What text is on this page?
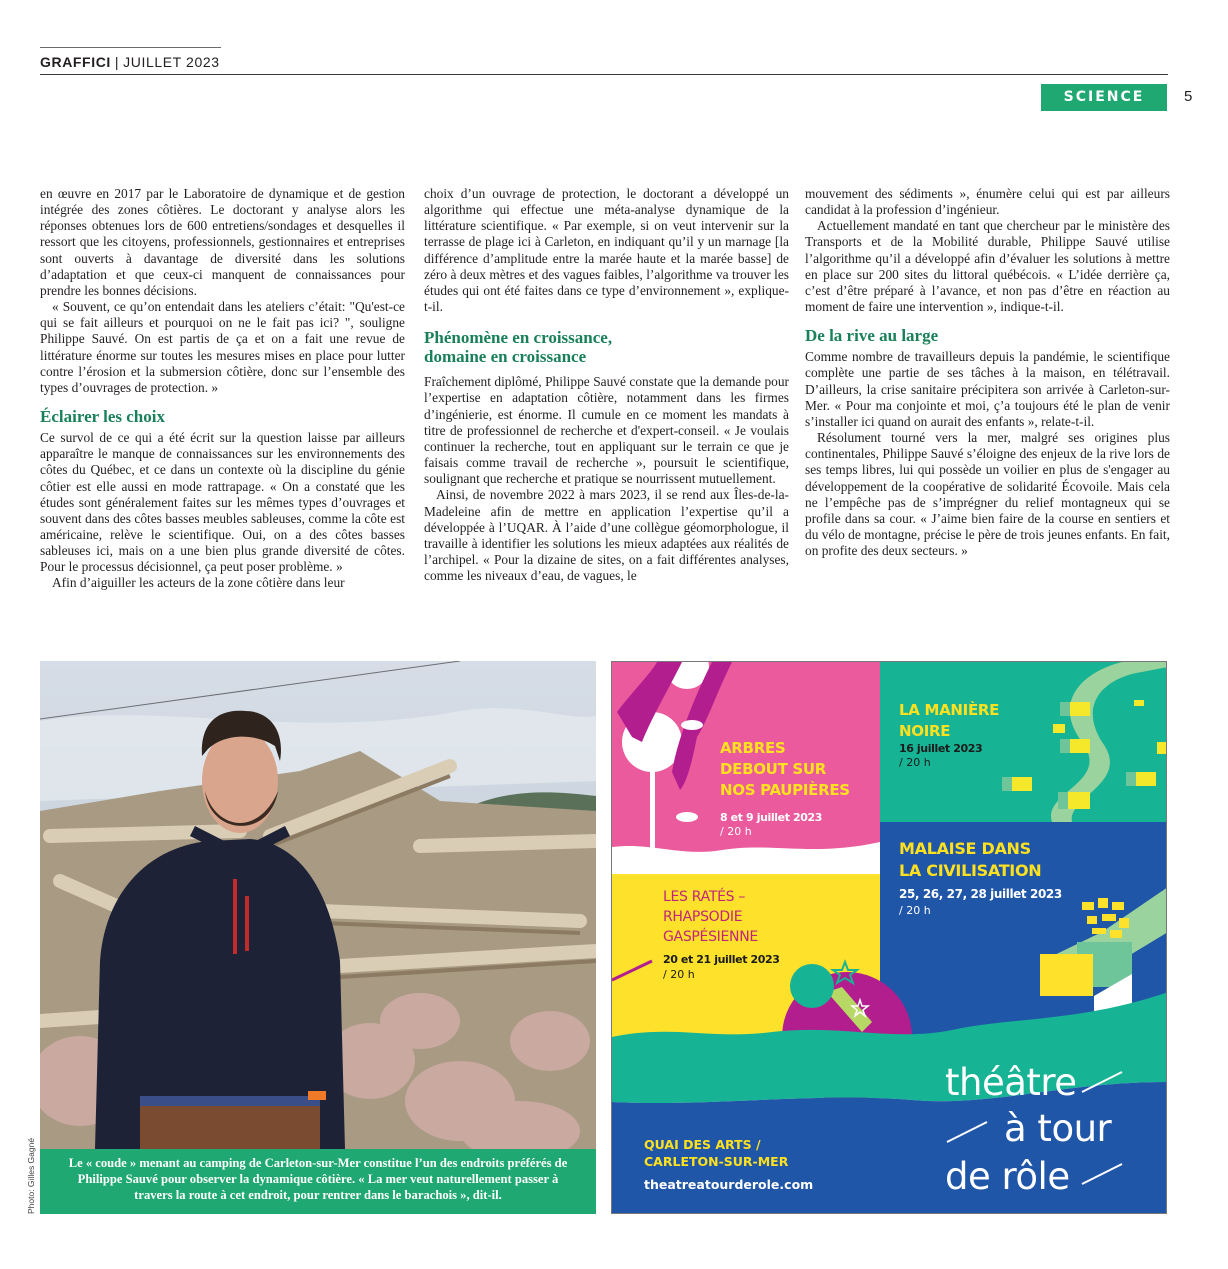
GRAFFICI | JUILLET 2023
SCIENCE	5

en œuvre en 2017 par le Laboratoire de dynamique et de gestion intégrée des zones côtières. Le doctorant y analyse alors les réponses obtenues lors de 600 entretiens/sondages et desquelles il ressort que les citoyens, professionnels, gestionnaires et entreprises sont ouverts à davantage de diversité dans les solutions d’adaptation et que ceux-ci manquent de connaissances pour prendre les bonnes décisions.

« Souvent, ce qu’on entendait dans les ateliers c’était: "Qu'est-ce qui se fait ailleurs et pourquoi on ne le fait pas ici? ", souligne Philippe Sauvé. On est partis de ça et on a fait une revue de littérature énorme sur toutes les mesures mises en place pour lutter contre l’érosion et la submersion côtière, donc sur l’ensemble des types d’ouvrages de protection. »

Éclairer les choix

Ce survol de ce qui a été écrit sur la question laisse par ailleurs apparaître le manque de connaissances sur les environnements des côtes du Québec, et ce dans un contexte où la discipline du génie côtier est elle aussi en mode rattrapage. « On a constaté que les études sont généralement faites sur les mêmes types d’ouvrages et souvent dans des côtes basses meubles sableuses, comme la côte est américaine, relève le scientifique. Oui, on a des côtes basses sableuses ici, mais on a une bien plus grande diversité de côtes. Pour le processus décisionnel, ça peut poser problème. »

Afin d’aiguiller les acteurs de la zone côtière dans leur

choix d’un ouvrage de protection, le doctorant a développé un algorithme qui effectue une méta-analyse dynamique de la littérature scientifique. « Par exemple, si on veut intervenir sur la terrasse de plage ici à Carleton, en indiquant qu’il y un marnage [la différence d’amplitude entre la marée haute et la marée basse] de zéro à deux mètres et des vagues faibles, l’algorithme va trouver les études qui ont été faites dans ce type d’environnement », explique-t-il.

Phénomène en croissance,
domaine en croissance

Fraîchement diplômé, Philippe Sauvé constate que la demande pour l’expertise en adaptation côtière, notamment dans les firmes d’ingénierie, est énorme. Il cumule en ce moment les mandats à titre de professionnel de recherche et d'expert-conseil. « Je voulais continuer la recherche, tout en appliquant sur le terrain ce que je faisais comme travail de recherche », poursuit le scientifique, soulignant que recherche et pratique se nourrissent mutuellement.

Ainsi, de novembre 2022 à mars 2023, il se rend aux Îles-de-la-Madeleine afin de mettre en application l’expertise qu’il a développée à l’UQAR. À l’aide d’une collègue géomorphologue, il travaille à identifier les solutions les mieux adaptées aux réalités de l’archipel. « Pour la dizaine de sites, on a fait différentes analyses, comme les niveaux d’eau, de vagues, le

mouvement des sédiments », énumère celui qui est par ailleurs candidat à la profession d’ingénieur.

Actuellement mandaté en tant que chercheur par le ministère des Transports et de la Mobilité durable, Philippe Sauvé utilise l’algorithme qu’il a développé afin d’évaluer les solutions à mettre en place sur 200 sites du littoral québécois. « L’idée derrière ça, c’est d’être préparé à l’avance, et non pas d’être en réaction au moment de faire une intervention », indique-t-il.

De la rive au large

Comme nombre de travailleurs depuis la pandémie, le scientifique complète une partie de ses tâches à la maison, en télétravail. D’ailleurs, la crise sanitaire précipitera son arrivée à Carleton-sur-Mer. « Pour ma conjointe et moi, ç’a toujours été le plan de venir s’installer ici quand on aurait des enfants », relate-t-il.

Résolument tourné vers la mer, malgré ses origines plus continentales, Philippe Sauvé s’éloigne des enjeux de la rive lors de ses temps libres, lui qui possède un voilier en plus de s'engager au développement de la coopérative de solidarité Écovoile. Mais cela ne l’empêche pas de s’imprégner du relief montagneux qui se profile dans sa cour. « J’aime bien faire de la course en sentiers et du vélo de montagne, précise le père de trois jeunes enfants. En fait, on profite des deux secteurs. »

Le « coude » menant au camping de Carleton-sur-Mer constitue l’un des endroits préférés de Philippe Sauvé pour observer la dynamique côtière. « La mer veut naturellement passer à travers la route à cet endroit, pour rentrer dans le barachois », dit-il.
Photo: Gilles Gagné
ARBRES
DEBOUT SUR
NOS PAUPIÈRES
8 et 9 juillet 2023
/ 20 h
LA MANIÈRE
NOIRE
16 juillet 2023
/ 20 h
LES RATÉS –
RHAPSODIE
GASPÉSIENNE
20 et 21 juillet 2023
/ 20 h
MALAISE DANS
LA CIVILISATION
25, 26, 27, 28 juillet 2023
/ 20 h
QUAI DES ARTS /
CARLETON-SUR-MER
theatreatourderole.com
théâtre
à tour
de rôle
